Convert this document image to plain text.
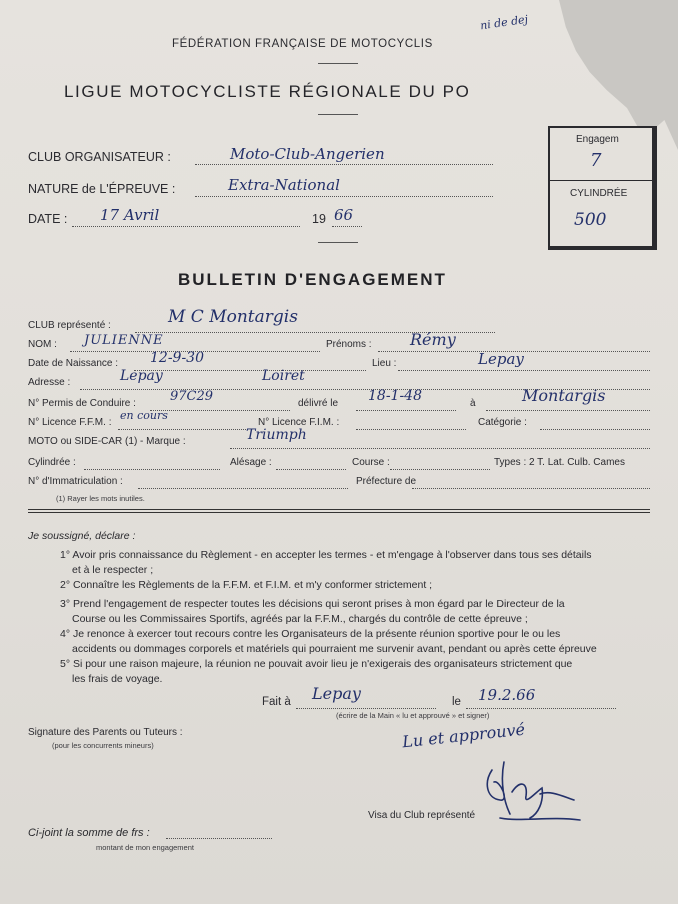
FÉDÉRATION FRANÇAISE DE MOTOCYCLIS
ni de dej
LIGUE MOTOCYCLISTE RÉGIONALE DU PO
Engagem
7
CYLINDRÉE
500
CLUB ORGANISATEUR :	Moto-Club-Angerien
NATURE de L'ÉPREUVE :	Extra-National
DATE : 17 Avril	19 66
BULLETIN D'ENGAGEMENT
CLUB représenté :	M C Montargis
NOM : JULIENNE	Prénoms : Rémy
Date de Naissance : 12-9-30	Lieu :	Lepay
Adresse :	Lepay	Loiret
N° Permis de Conduire :	97C29	délivré le 18-1-48	à	Montargis
N° Licence F.F.M. :
en cours
N° Licence F.I.M. :	Catégorie :
MOTO ou SIDE-CAR (1) - Marque :	Triumph
Cylindrée :	Alésage :	Course :	Types : 2 T. Lat. Culb. Cames
N° d'Immatriculation :	Préfecture de
(1) Rayer les mots inutiles.
Je soussigné, déclare :
1° Avoir pris connaissance du Règlement - en accepter les termes - et m'engage à l'observer dans tous ses détails
et à le respecter ;
2° Connaître les Règlements de la F.F.M. et F.I.M. et m'y conformer strictement ;
3° Prend l'engagement de respecter toutes les décisions qui seront prises à mon égard par le Directeur de la
Course ou les Commissaires Sportifs, agréés par la F.F.M., chargés du contrôle de cette épreuve ;
4° Je renonce à exercer tout recours contre les Organisateurs de la présente réunion sportive pour le ou les
accidents ou dommages corporels et matériels qui pourraient me survenir avant, pendant ou après cette épreuve
5° Si pour une raison majeure, la réunion ne pouvait avoir lieu je n'exigerais des organisateurs strictement que
les frais de voyage.
Fait à Lepay	le 19.2.66
(écrire de la Main « lu et approuvé » et signer)
Signature des Parents ou Tuteurs :
(pour les concurrents mineurs)	Lu et approuvé
Visa du Club représenté
Ci-joint la somme de frs :
montant de mon engagement
